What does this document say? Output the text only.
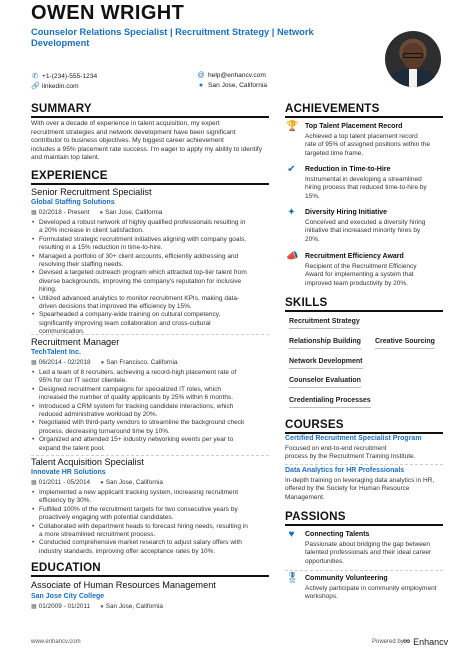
OWEN WRIGHT
Counselor Relations Specialist | Recruitment Strategy | Network Development
✆ +1-(234)-555-1234	@ help@enhancv.com
🔗 linkedin.com	● San Jose, California
SUMMARY
With over a decade of experience in talent acquisition, my expert
recruitment strategies and network development have been significant
contributor to business objectives. My biggest career achievement
includes a 95% placement rate success. I'm eager to apply my ability to identify
and maintain top talent.
EXPERIENCE
Senior Recruitment Specialist
Global Staffing Solutions
▦ 02/2018 - Present ● San Jose, California
• Developed a robust network of highly qualified professionals resulting in
a 20% increase in client satisfaction.
• Formulated strategic recruitment initiatives aligning with company goals,
resulting in a 15% reduction in time-to-hire.
• Managed a portfolio of 30+ client accounts, efficiently addressing and
resolving their staffing needs.
• Devised a targeted outreach program which attracted top-tier talent from
diverse backgrounds, improving the company's reputation for inclusive
hiring.
• Utilized advanced analytics to monitor recruitment KPIs, making data-
driven decisions that improved the efficiency by 15%.
• Spearheaded a company-wide training on cultural competency,
significantly improving team collaboration and cross-cultural
communication.
Recruitment Manager
TechTalent Inc.
▦ 06/2014 - 02/2018 ● San Francisco, California
• Led a team of 8 recruiters, achieving a record-high placement rate of
95% for our IT sector clientele.
• Designed recruitment campaigns for specialized IT roles, which
increased the number of quality applicants by 25% within 6 months.
• Introduced a CRM system for tracking candidate interactions, which
reduced administrative workload by 20%.
• Negotiated with third-party vendors to streamline the background check
process, decreasing turnaround time by 10%.
• Organized and attended 15+ industry networking events per year to
expand the talent pool.
Talent Acquisition Specialist
Innovate HR Solutions
▦ 01/2011 - 05/2014 ● San Jose, California
• Implemented a new applicant tracking system, increasing recruitment
efficiency by 30%.
• Fulfilled 100% of the recruitment targets for two consecutive years by
proactively engaging with potential candidates.
• Collaborated with department heads to forecast hiring needs, resulting in
a more streamlined recruitment process.
• Conducted comprehensive market research to adjust salary offers with
industry standards, improving offer acceptance rates by 10%.
EDUCATION
Associate of Human Resources Management
San Jose City College
▦ 01/2009 - 01/2011 ● San Jose, California
ACHIEVEMENTS
🏆 Top Talent Placement Record
Achieved a top talent placement record
rate of 95% of assigned positions within the
targeted time frame.
✔ Reduction in Time-to-Hire
Instrumental in developing a streamlined
hiring process that reduced time-to-hire by
15%.
✦ Diversity Hiring Initiative
Conceived and executed a diversity hiring
initiative that increased minority hires by
20%.
📣 Recruitment Efficiency Award
Recipient of the Recruitment Efficiency
Award for implementing a system that
improved team productivity by 20%.
SKILLS
Recruitment Strategy
Relationship Building Creative Sourcing
Network Development
Counselor Evaluation
Credentialing Processes
COURSES
Certified Recruitment Specialist Program
Focused on end-to-end recruitment
process by the Recruitment Training Institute.
Data Analytics for HR Professionals
In-depth training on leveraging data analytics in HR,
offered by the Society for Human Resource
Management.
PASSIONS
♥	Connecting Talents
Passionate about bridging the gap between
talented professionals and their ideal career
opportunities.
🎖 Community Volunteering
Actively participate in community employment
workshops.
www.enhancv.com	Powered by ∞ Enhancv
